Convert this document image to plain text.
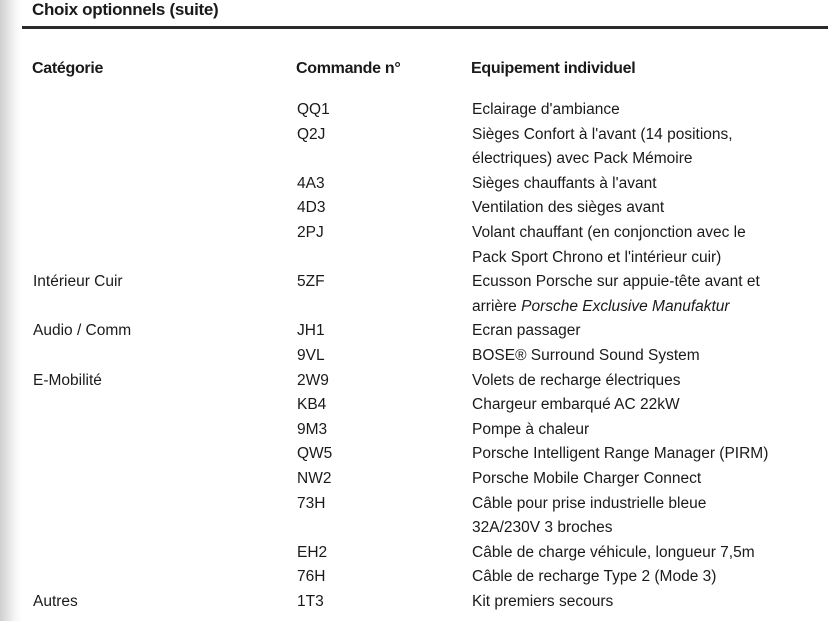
Choix optionnels (suite)
Catégorie	Commande n°	Equipement individuel
QQ1	Eclairage d'ambiance
Q2J	Sièges Confort à l'avant (14 positions,
électriques) avec Pack Mémoire
4A3	Sièges chauffants à l'avant
4D3	Ventilation des sièges avant
2PJ	Volant chauffant (en conjonction avec le
Pack Sport Chrono et l'intérieur cuir)
Intérieur Cuir	5ZF	Ecusson Porsche sur appuie-tête avant et
arrière Porsche Exclusive Manufaktur
Audio / Comm	JH1	Ecran passager
9VL	BOSE® Surround Sound System
E-Mobilité	2W9	Volets de recharge électriques
KB4	Chargeur embarqué AC 22kW
9M3	Pompe à chaleur
QW5	Porsche Intelligent Range Manager (PIRM)
NW2	Porsche Mobile Charger Connect
73H	Câble pour prise industrielle bleue
32A/230V 3 broches
EH2	Câble de charge véhicule, longueur 7,5m
76H	Câble de recharge Type 2 (Mode 3)
Autres	1T3	Kit premiers secours
